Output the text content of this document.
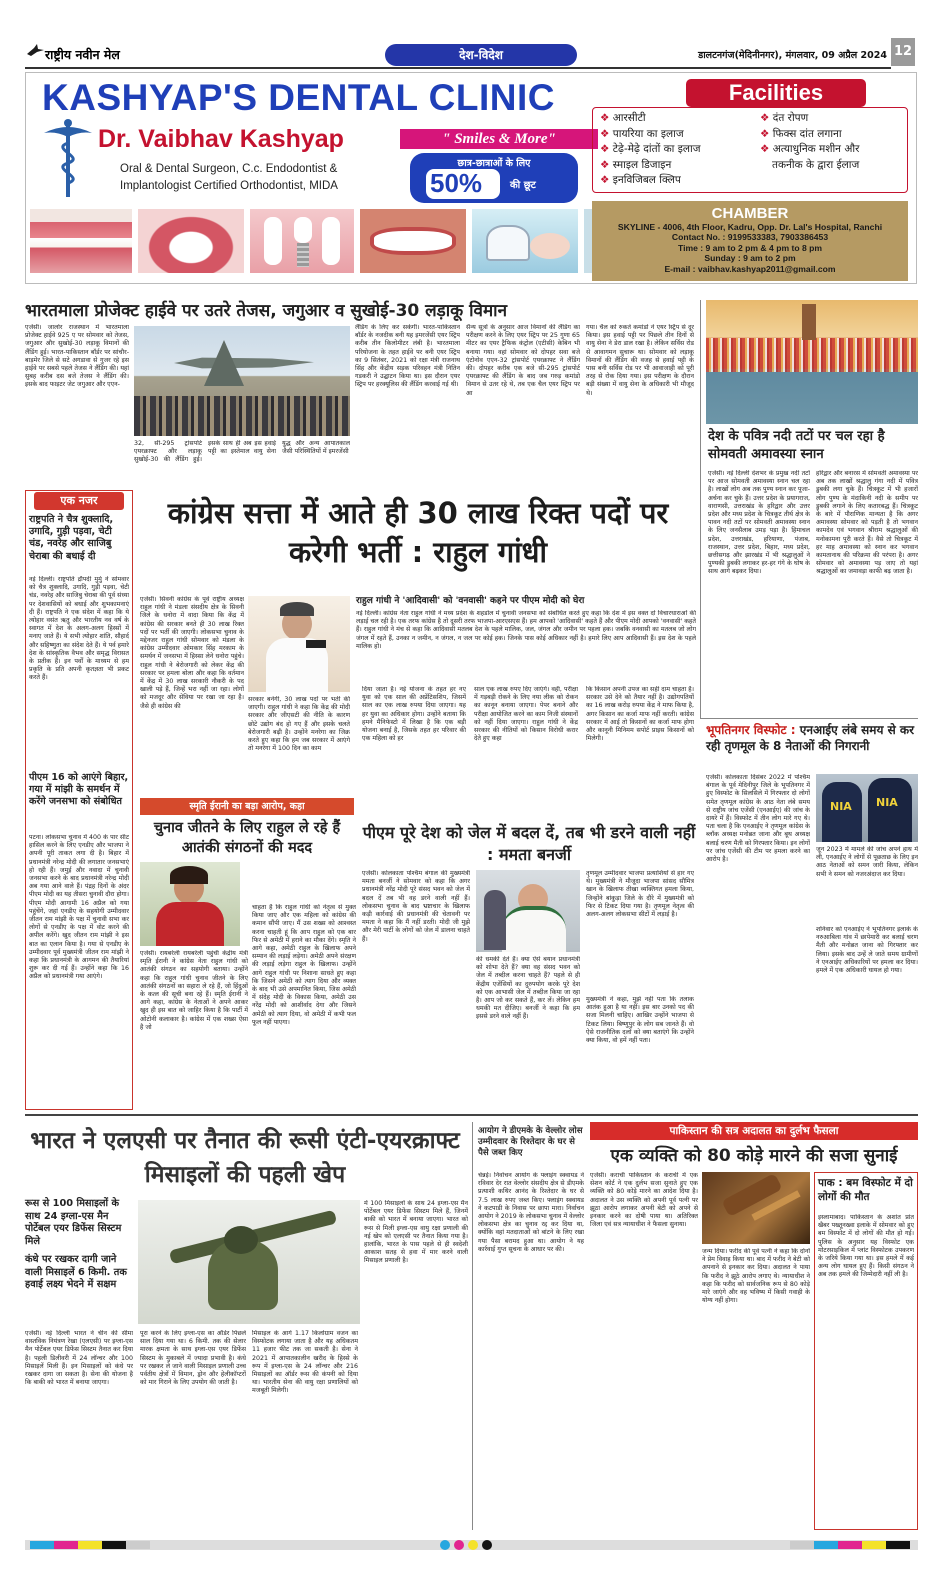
राष्ट्रीय नवीन मेल	देश-विदेश	डालटनगंज(मेदिनीनगर), मंगलवार, 09 अप्रैल 2024 12
KASHYAP'S DENTAL CLINIC
Dr. Vaibhav Kashyap	" Smiles & More"
Oral & Dental Surgeon, C.c. Endodontist &
Implantologist Certified Orthodontist, MIDA
छात्र-छात्राओं के लिए
50%	की छूट
Facilities
❖ आरसीटी
❖ पायरिया का इलाज
❖ टेढ़े-मेढ़े दांतों का इलाज
❖ स्माइल डिजाइन
❖ इनविजिबल क्लिप
❖ दंत रोपण
❖ फिक्स दांत लगाना
❖ अत्याधुनिक मशीन और
तकनीक के द्वारा ईलाज
CHAMBER
SKYLINE - 4006, 4th Floor, Kadru, Opp. Dr. Lal's Hospital, Ranchi
Contact No. : 9199533383, 7903386453
Time : 9 am to 2 pm & 4 pm to 8 pm
Sunday : 9 am to 2 pm
E-mail : vaibhav.kashyap2011@gmail.com
भारतमाला प्रोजेक्ट हाईवे पर उतरे तेजस, जगुआर व सुखोई-30 लड़ाकू विमान
एजेंसी। जालोर राजस्थान में भारतमाला प्रोजेक्ट हाईवे 925 ए पर सोमवार को तेजस, जगुआर और सुखोई-30 लड़ाकू विमानों की लैंडिंग हुई। भारत-पाकिस्तान बॉर्डर पर सांचौर-बाड़मेर जिले से सटे अगडावा से गुजर रहे इस हाईवे पर सबसे पहले तेजस ने लैंडिंग की। यहां सुबह करीब दस बजे तेजस ने लैंडिंग की। इसके बाद फाइटर जेट जगुआर और एएन-
32, सी-295 ट्रांसपोर्ट एयरक्राफ्ट और लड़ाकू सुखोई-30 की लैंडिंग हुई। इसके साथ ही अब इस हवाई पट्टी का इस्तेमाल वायु सेना युद्ध और अन्य आपातकाल जैसी परिस्थितियों में इमरजेंसी
लैंडिंग के लिए कर सकेगी। भारत-पाकिस्तान बॉर्डर के नजदीक बनी यह इमरजेंसी एयर स्ट्रिप करीब तीन किलोमीटर लंबी है। भारतमाला परियोजना के तहत हाईवे पर बनी एयर स्ट्रिप का 9 सितंबर, 2021 को रक्षा मंत्री राजनाथ सिंह और केंद्रीय सड़क परिवहन मंत्री नितिन गडकरी ने उद्घाटन किया था। इस दौरान एयर स्ट्रिप पर हरक्यूलिस की लैंडिंग करवाई गई थी।
सैन्य सूत्रों के अनुसार आज विमानों की लैंडिंग का परीक्षण करने के लिए एयर स्ट्रिप पर 25 गुणा 65 मीटर का एयर ट्रैफिक कंट्रोल (एटीसी) केबिन भी बनाया गया। वहां सोमवार को दोपहर सवा बजे एंटोनोव एएन-32 ट्रांसपोर्ट एयरक्राफ्ट ने लैंडिंग की। दोपहर करीब एक बजे सी-295 ट्रांसपोर्ट एयरक्राफ्ट की लैंडिंग के बाद जब गरुड़ कमांडो विमान से उतर रहे थे, तब एक चैल एयर स्ट्रिप पर आ
गया। चैल को रुकते कमांडो ने एयर स्ट्रिप से दूर किया। इस हवाई पट्टी पर पिछले तीन दिनों से वायु सेना ने डेरा डाल रखा है। लेकिन सर्विस रोड से आवागमन सुचारू था। सोमवार को लड़ाकू विमानों की लैंडिंग की वजह से हवाई पट्टी के पास बनी सर्विस रोड पर भी आवाजाही को पूरी तरह से रोक दिया गया। इस परीक्षण के दौरान बड़ी संख्या में वायु सेना के अधिकारी भी मौजूद थे।
देश के पवित्र नदी तटों पर चल रहा है सोमवती अमावस्या स्नान
एजेंसी। नई दिल्ली देशभर के प्रमुख नदी तटों पर आज सोमवती अमावस्या स्नान चल रहा है। लाखों लोग अब तक पुण्य स्नान कर पूजा-अर्चना कर चुके हैं। उत्तर प्रदेश के प्रयागराज, वाराणसी, उत्तराखंड के हरिद्वार और उत्तर प्रदेश और मध्य प्रदेश के चित्रकूट तीर्थ क्षेत्र के पावन नदी तटों पर सोमवती अमावस्या स्नान के लिए जनसैलाब उमड़ पड़ा है। हिमाचल प्रदेश, उत्तराखंड, हरियाणा, पंजाब, राजस्थान, उत्तर प्रदेश, बिहार, मध्य प्रदेश, छत्तीसगढ़ और झारखंड में भी श्रद्धालुओं ने पुण्यकी डुबकी लगाकर हर-हर गंगे के घोष के साथ आगे बढ़कर दिया।
हरिद्वार और बनारस में सोमवती अमावस्या पर अब तक लाखों श्रद्धालु गंगा नदी में पवित्र डुबकी लगा चुके हैं। चित्रकूट में भी हजारों लोग पुण्य के मंदाकिनी नदी के समीप पर डुबकी लगाने के लिए कतारबद्ध हैं। चित्रकूट के बारे में पौराणिक मान्यता है कि अगर अमावस्या सोमवार को पड़ती है तो भगवान कामदेव एवं भगवान श्रीराम श्रद्धालुओं की मनोकामना पूरी करते हैं। वैसे तो चित्रकूट में हर माह अमावस्या को स्नान कर भगवान कामतानाथ की परिक्रमा की परंपरा है। अगर सोमवार को अमावस्या पड़ जाए तो यहां श्रद्धालुओं का जमावड़ा काफी बढ़ जाता है।
एक नजर
राष्ट्रपति ने चैत्र शुक्लादि, उगादि, गुड़ी पड़वा, चेटी चंड, नवरेह और साजिबु चेराबा की बधाई दी
नई दिल्ली। राष्ट्रपति द्रौपदी मुर्मु ने सोमवार को चैत्र शुक्लादि, उगादि, गुड़ी पड़वा, चेटी चंड, नवरेह और साजिबु चेराबा की पूर्व संध्या पर देशवासियों को बधाई और शुभकामनाएं दी हैं। राष्ट्रपति ने एक संदेश में कहा कि ये त्योहार वसंत ऋतु और भारतीय नव वर्ष के स्वागत में देश के अलग-अलग हिस्सों में मनाए जाते हैं। ये सभी त्योहार शांति, सौहार्द और सहिष्णुता का संदेश देते हैं। ये पर्व हमारे देश के सांस्कृतिक वैभव और समृद्ध विरासत के प्रतीक हैं। इन पर्वों के माध्यम से हम प्रकृति के प्रति अपनी कृतज्ञता भी प्रकट करते हैं।
पीएम 16 को आएंगे बिहार, गया में मांझी के समर्थन में करेंगे जनसभा को संबोधित
पटना। लोकसभा चुनाव में 400 के पार सीट हासिल करने के लिए एनडीए और भाजपा ने अपनी पूरी ताकत लगा दी है। बिहार में प्रधानमंत्री नरेन्द्र मोदी की लगातार जनसभाएं हो रही हैं। जमुई और नवादा में चुनावी जनसभा करने के बाद प्रधानमंत्री नरेन्द्र मोदी अब गया आने वाले हैं। पंद्रह दिनों के अंदर पीएम मोदी का यह तीसरा चुनावी दौरा होगा। पीएम मोदी आगामी 16 अप्रैल को गया पहुंचेंगे, जहां एनडीए के सहयोगी उम्मीदवार जीतन राम मांझी के पक्ष में चुनावी सभा कर लोगों से एनडीए के पक्ष में वोट करने की अपील करेंगे। खुद जीतन राम मांझी ने इस बात का एलान किया है। गया से एनडीए के उम्मीदवार पूर्व मुख्यमंत्री जीतन राम मांझी ने कहा कि प्रधानमंत्री के आगमन की तैयारियां शुरू कर दी गई हैं। उन्होंने कहा कि 16 अप्रैल को प्रधानमंत्री गया आएंगे।
कांग्रेस सत्ता में आते ही 30 लाख रिक्त पदों पर करेगी भर्ती : राहुल गांधी
एजेंसी। सिवनी कांग्रेस के पूर्व राष्ट्रीय अध्यक्ष राहुल गांधी ने मंडला संसदीय क्षेत्र के सिवनी जिले के धनोरा में वादा किया कि केंद्र में कांग्रेस की सरकार बनते ही 30 लाख रिक्त पदों पर भर्ती की जाएगी। लोकसभा चुनाव के मद्देनजर राहुल गांधी सोमवार को मंडला के कांग्रेस उम्मीदवार ओमकार सिंह मरकाम के समर्थन में जनसभा में हिस्सा लेने धनोरा पहुंचे। राहुल गांधी ने बेरोजगारी को लेकर केंद्र की सरकार पर हमला बोला और कहा कि वर्तमान में केंद्र में 30 लाख सरकारी नौकरी के पद खाली पड़े हैं, जिन्हें भरा नहीं जा रहा। लोगों को मजदूर और सेविया पर रखा जा रहा है। जैसे ही कांग्रेस की
सरकार बनेगी, 30 लाख पदों पर भर्ती की जाएगी। राहुल गांधी ने कहा कि केंद्र की मोदी सरकार और जीएसटी की नीति के कारण छोटे उद्योग बंद हो गए हैं और इसके चलते बेरोजगारी बढ़ी है। उन्होंने मनरेगा का जिक्र करते हुए कहा कि हम जब सरकार में आएंगे तो मनरेगा में 100 दिन का काम
राहुल गांधी ने 'आदिवासी' को 'वनवासी' कहने पर पीएम मोदी को घेरा
नई दिल्ली। कांग्रेस नेता राहुल गांधी ने मध्य प्रदेश के शहडोल में चुनावी जनसभा को संबोधित करते हुए कहा कि देश में इस वक्त दो विचारधाराओं की लड़ाई चल रही है। एक तरफ कांग्रेस है तो दूसरी तरफ भाजपा-आरएसएस हैं। हम आपको 'आदिवासी' कहते हैं और पीएम मोदी आपको 'वनवासी' कहते हैं। राहुल गांधी ने मंच से कहा कि आदिवासी मतलब देश के पहले मालिक, जल, जंगल और जमीन पर पहला हक। जबकि वनवासी का मतलब जो लोग जंगल में रहते हैं, उनका न जमीन, न जंगल, न जल पर कोई हक। जिनके पास कोई अधिकार नहीं है। हमारे लिए आप आदिवासी हैं। इस देश के पहले मालिक हो।
दिया जाता है। नई योजना के तहत हर नए युवा को एक साल की अप्रेंटिसशिप, जिसमें साल का एक लाख रुपया दिया जाएगा। यह हर युवा का अधिकार होगा। उन्होंने बताया कि हमने मैनिफेस्टो में लिखा है कि एक बड़ी योजना बनाई है, जिसके तहत हर परिवार की एक महिला को हर
साल एक लाख रुपए दिए जाएंगे। वहीं, परीक्षा में गड़बड़ी रोकने के लिए नया लीक को रोकन का कानून बनाया जाएगा। पेपर बनाने और परीक्षा आयोजित करने का काम निजी संस्थानों को नहीं दिया जाएगा। राहुल गांधी ने केंद्र सरकार की नीतियों को किसान विरोधी करार देते हुए कहा
कि किसान अपनी उपज का सही दाम चाहता है। सरकार उसे देने को तैयार नहीं है। उद्योगपतियों का 16 लाख करोड़ रुपया केंद्र ने माफ किया है, अगर किसान का कर्जा माफ नहीं करती। कांग्रेस सरकार में आई तो किसानों का कर्जा माफ होगा और कानूनी मिनिमम सपोर्ट प्राइस किसानों को मिलेगी।
भूपतिनगर विस्फोट : एनआईए लंबे समय से कर रही तृणमूल के 8 नेताओं की निगरानी
एजेंसी। कोलकाता दिसंबर 2022 में पश्चिम बंगाल के पूर्व मेदिनीपुर जिले के भूपतिनगर में हुए विस्फोट के सिलसिले में गिरफ्तार दो लोगों समेत तृणमूल कांग्रेस के आठ नेता लंबे समय से राष्ट्रीय जांच एजेंसी (एनआईए) की जांच के दायरे में हैं। विस्फोट में तीन लोग मारे गए थे। पता चला है कि एनआईए ने तृणमूल कांग्रेस के ब्लॉक अध्यक्ष मनोब्रत जाना और बूथ अध्यक्ष बलाई चरण मैती को गिरफ्तार किया। इन लोगों पर जांच एजेंसी की टीम पर हमला करने का आरोप है।
NIA NIA
जून 2023 में मामले की जांच अपने हाथ में ली, एनआईए ने लोगों से पूछताछ के लिए इन आठ नेताओं को समन जारी किया, लेकिन सभी ने समन को नजरअंदाज कर दिया।
शनिवार को एनआईए ने भूपतिनगर इलाके के नरुआबिला गांव में छापेमारी कर बलाई चरण मैती और मनोब्रत जाना को गिरफ्तार कर लिया। इसके बाद उन्हें ले जाते समय ग्रामीणों ने एनआईए अधिकारियों पर हमला कर दिया। हमले में एक अधिकारी घायल हो गया।
स्मृति ईरानी का बड़ा आरोप, कहा
चुनाव जीतने के लिए राहुल ले रहे हैं आतंकी संगठनों की मदद
एजेंसी। रायबरेली रायबरेली पहुंची केंद्रीय मंत्री स्मृति ईरानी ने कांग्रेस नेता राहुल गांधी को आतंकी संगठन का सहयोगी बताया। उन्होंने कहा कि राहुल गांधी चुनाव जीतने के लिए आतंकी संगठनों का सहारा ले रहे हैं, जो हिंदुओं के कत्ल की सूची बना रहे हैं। स्मृति ईरानी ने आगे कहा, कांग्रेस के नेताओं ने अपने आकर खुद ही इस बात को जाहिर किया है कि पार्टी में ओटोनी कलाकार है। कांग्रेस में एक शख्स ऐसा है जो
चाहता है कि राहुल गांधी को नेतृत्व से मुक्त किया जाए और एक महिला को कांग्रेस की कमान सौंपी जाए। मैं उस शख्स को आश्वस्त करना चाहती हूं कि आप राहुल को एक बार फिर से अमेठी में हराने का मौका देंगे। स्मृति ने आगे कहा, अमेठी राहुल के खिलाफ अपने सम्मान की लड़ाई लड़ेगा। अमेठी अपने संरक्षण की लड़ाई लड़ेगा राहुल के खिलाफ। उन्होंने आगे राहुल गांधी पर निशाना साधते हुए कहा कि जिसने अमेठी को त्याग दिया और व्यक्त के बाद भी उसे अपमानित किया, जिस अमेठी में संदेह मोदी के विकास किया, अमेठी उस नरेंद्र मोदी को आशीर्वाद देगा और जिसने अमेठी को त्याग दिया, वो अमेठी में कभी फल फूल नहीं पाएगा।
पीएम पूरे देश को जेल में बदल दें, तब भी डरने वाली नहीं : ममता बनर्जी
एजेंसी। कोलकाता पश्चिम बंगाल की मुख्यमंत्री ममता बनर्जी ने सोमवार को कहा कि अगर प्रधानमंत्री नरेंद्र मोदी पूरे संसद भवन को जेल में बदल दें तब भी वह डरने वाली नहीं हैं। लोकसभा चुनाव के बाद भ्रष्टाचार के खिलाफ कड़ी कार्रवाई की प्रधानमंत्री की चेतावनी पर ममता ने कहा कि मैं नहीं डरती। मोदी जी मुझे और मेरी पार्टी के लोगों को जेल में डालना चाहते हैं।
की धमकी देते हैं। क्या ऐसे बयान प्रधानमंत्री को शोभा देते हैं? क्या वह संसद भवन को जेल में तब्दील करना चाहते हैं? पहले से ही केंद्रीय एजेंसियों का दुरुपयोग करके पूरे देश को एक आभासी जेल में तब्दील किया जा रहा है। आप जो कर सकते हैं, कर लें। लेकिन हम धमकी मत दीजिए। बनर्जी ने कहा कि हम इससे डरने वाले नहीं हैं।
तृणमूल उम्मीदवार भाजपा प्रत्याशियों से हार गए थे। मुख्यमंत्री ने मौजूदा भाजपा सांसद सौमित्र खान के खिलाफ तीखा व्यक्तिगत हमला किया, जिन्होंने बांकुड़ा जिले के दौरे में मुख्यमंत्री को फिर से टिकट दिया गया है। तृणमूल नेतृत्व की अलग-अलग लोकसभा सीटों में लड़ाई है।
मुख्यमंत्री ने कहा, मुझे नहीं पता कि तलाक आतंक हुआ है या नहीं। इस बार उनको पद की सजा मिलनी चाहिए। आखिर उन्होंने भाजपा से टिकट लिया। बिष्णुपुर के लोग सब जानते हैं। वो ऐसे राजनीतिक दलों को क्या बताएंगे कि उन्होंने क्या किया, वो हमें नहीं पता।
भारत ने एलएसी पर तैनात की रूसी एंटी-एयरक्राफ्ट मिसाइलों की पहली खेप
रूस से 100 मिसाइलों के साथ 24 इग्ला-एस मैन पोर्टेबल एयर डिफेंस सिस्टम मिले
कंधे पर रखकर दागी जाने वाली मिसाइलें 6 किमी. तक हवाई लक्ष्य भेदने में सक्षम
एजेंसी। नई दिल्ली भारत ने चीन की सीमा वास्तविक नियंत्रण रेखा (एलएसी) पर इग्ला-एस मैन पोर्टेबल एयर डिफेंस सिस्टम तैनात कर दिया है। पहली डिलीवरी में 24 लॉन्चर और 100 मिसाइलें मिली हैं। इन मिसाइलों को कंधे पर रखकर दागा जा सकता है। सेना की योजना है कि बाकी को भारत में बनाया जाएगा।
पूरा करने के लिए इग्ला-एस का ऑर्डर पिछले साल दिया गया था। 6 किमी. तक की सेलार मारक क्षमता के साथ इग्ला-एस एयर डिफेंस सिस्टम के मुकाबले में ज्यादा प्रभावी है। कंधे पर रखकर ले जाने वाली मिसाइल प्रणाली उच्च पर्वतीय क्षेत्रों में विमान, ड्रोन और हेलीकॉप्टरों को मार गिराने के लिए उपयोग की जाती है।
मिसाइल के आगे 1.17 किलोग्राम वजन का विस्फोटक लगाया जाता है और यह अधिकतम 11 हजार फीट तक जा सकती है। सेना ने 2021 में आपातकालीन खरीद के हिस्से के रूप में इग्ला-एस के 24 लॉन्चर और 216 मिसाइलों का ऑर्डर रूस की कंपनी को दिया था। भारतीय सेना की वायु रक्षा प्रणालियों को मजबूती मिलेगी।
में 100 मिसाइलों के साथ 24 इग्ला-एस मैन पोर्टेबल एयर डिफेंस सिस्टम मिले हैं, जिनमें बाकी को भारत में बनाया जाएगा। भारत को रूस से मिली इग्ला-एस वायु रक्षा प्रणाली की नई खेप को एलएसी पर तैनात किया गया है। हालांकि, भारत के पास पहले से ही स्वदेशी आकाश सतह से हवा में मार करने वाली मिसाइल प्रणाली है।
आयोग ने डीएमके के वेल्लोर लोस उम्मीदवार के रिश्तेदार के घर से पैसे जब्त किए
चेन्नई। निर्वाचन आयोग के फ्लाइंग स्क्वायड ने रविवार देर रात वेल्लोर संसदीय क्षेत्र से डीएमके प्रत्याशी कथिर आनंद के रिश्तेदार के घर से 7.5 लाख रुपए जब्त किए। फ्लाइंग स्क्वायड ने कटपाडी के निवास पर छापा मारा। निर्वाचन आयोग ने 2019 के लोकसभा चुनाव में वेल्लोर लोकसभा क्षेत्र का चुनाव रद्द कर दिया था, क्योंकि वहां मतदाताओं को बांटने के लिए रखा गया पैसा बरामद हुआ था। आयोग ने यह कार्रवाई गुप्त सूचना के आधार पर की।
पाकिस्तान की सत्र अदालत का दुर्लभ फैसला
एक व्यक्ति को 80 कोड़े मारने की सजा सुनाई
एजेंसी। कराची पाकिस्तान के कराची में एक सेशन कोर्ट ने एक दुर्लभ सजा सुनाते हुए एक व्यक्ति को 80 कोड़े मारने का आदेश दिया है। अदालत ने उस व्यक्ति को अपनी पूर्व पत्नी पर झूठा आरोप लगाकर अपनी बेटी को अपने से इनकार करने का दोषी पाया था। अतिरिक्त जिला एवं सत्र न्यायाधीश ने फैसला सुनाया।
जन्म दिया। फरीद की पूर्व पत्नी ने कहा कि दोनों ने प्रेम विवाह किया था। बाद में फरीद ने बेटी को अपनाने से इनकार कर दिया। अदालत ने पाया कि फरीद ने झूठे आरोप लगाए थे। न्यायाधीश ने कहा कि फरीद को सार्वजनिक रूप से 80 कोड़े मारे जाएंगे और वह भविष्य में किसी गवाही के योग्य नहीं होगा।
पाक : बम विस्फोट में दो लोगों की मौत
इस्लामाबाद। पाकिस्तान के अशांत प्रांत खैबर पख्तूनख्वा इलाके में सोमवार को हुए बम विस्फोट में दो लोगों की मौत हो गई। पुलिस के अनुसार यह विस्फोट एक मोटरसाइकिल में प्लांट विस्फोटक उपकरण के जरिये किया गया था। इस हमले में कई अन्य लोग घायल हुए हैं। किसी संगठन ने अब तक हमले की जिम्मेदारी नहीं ली है।
